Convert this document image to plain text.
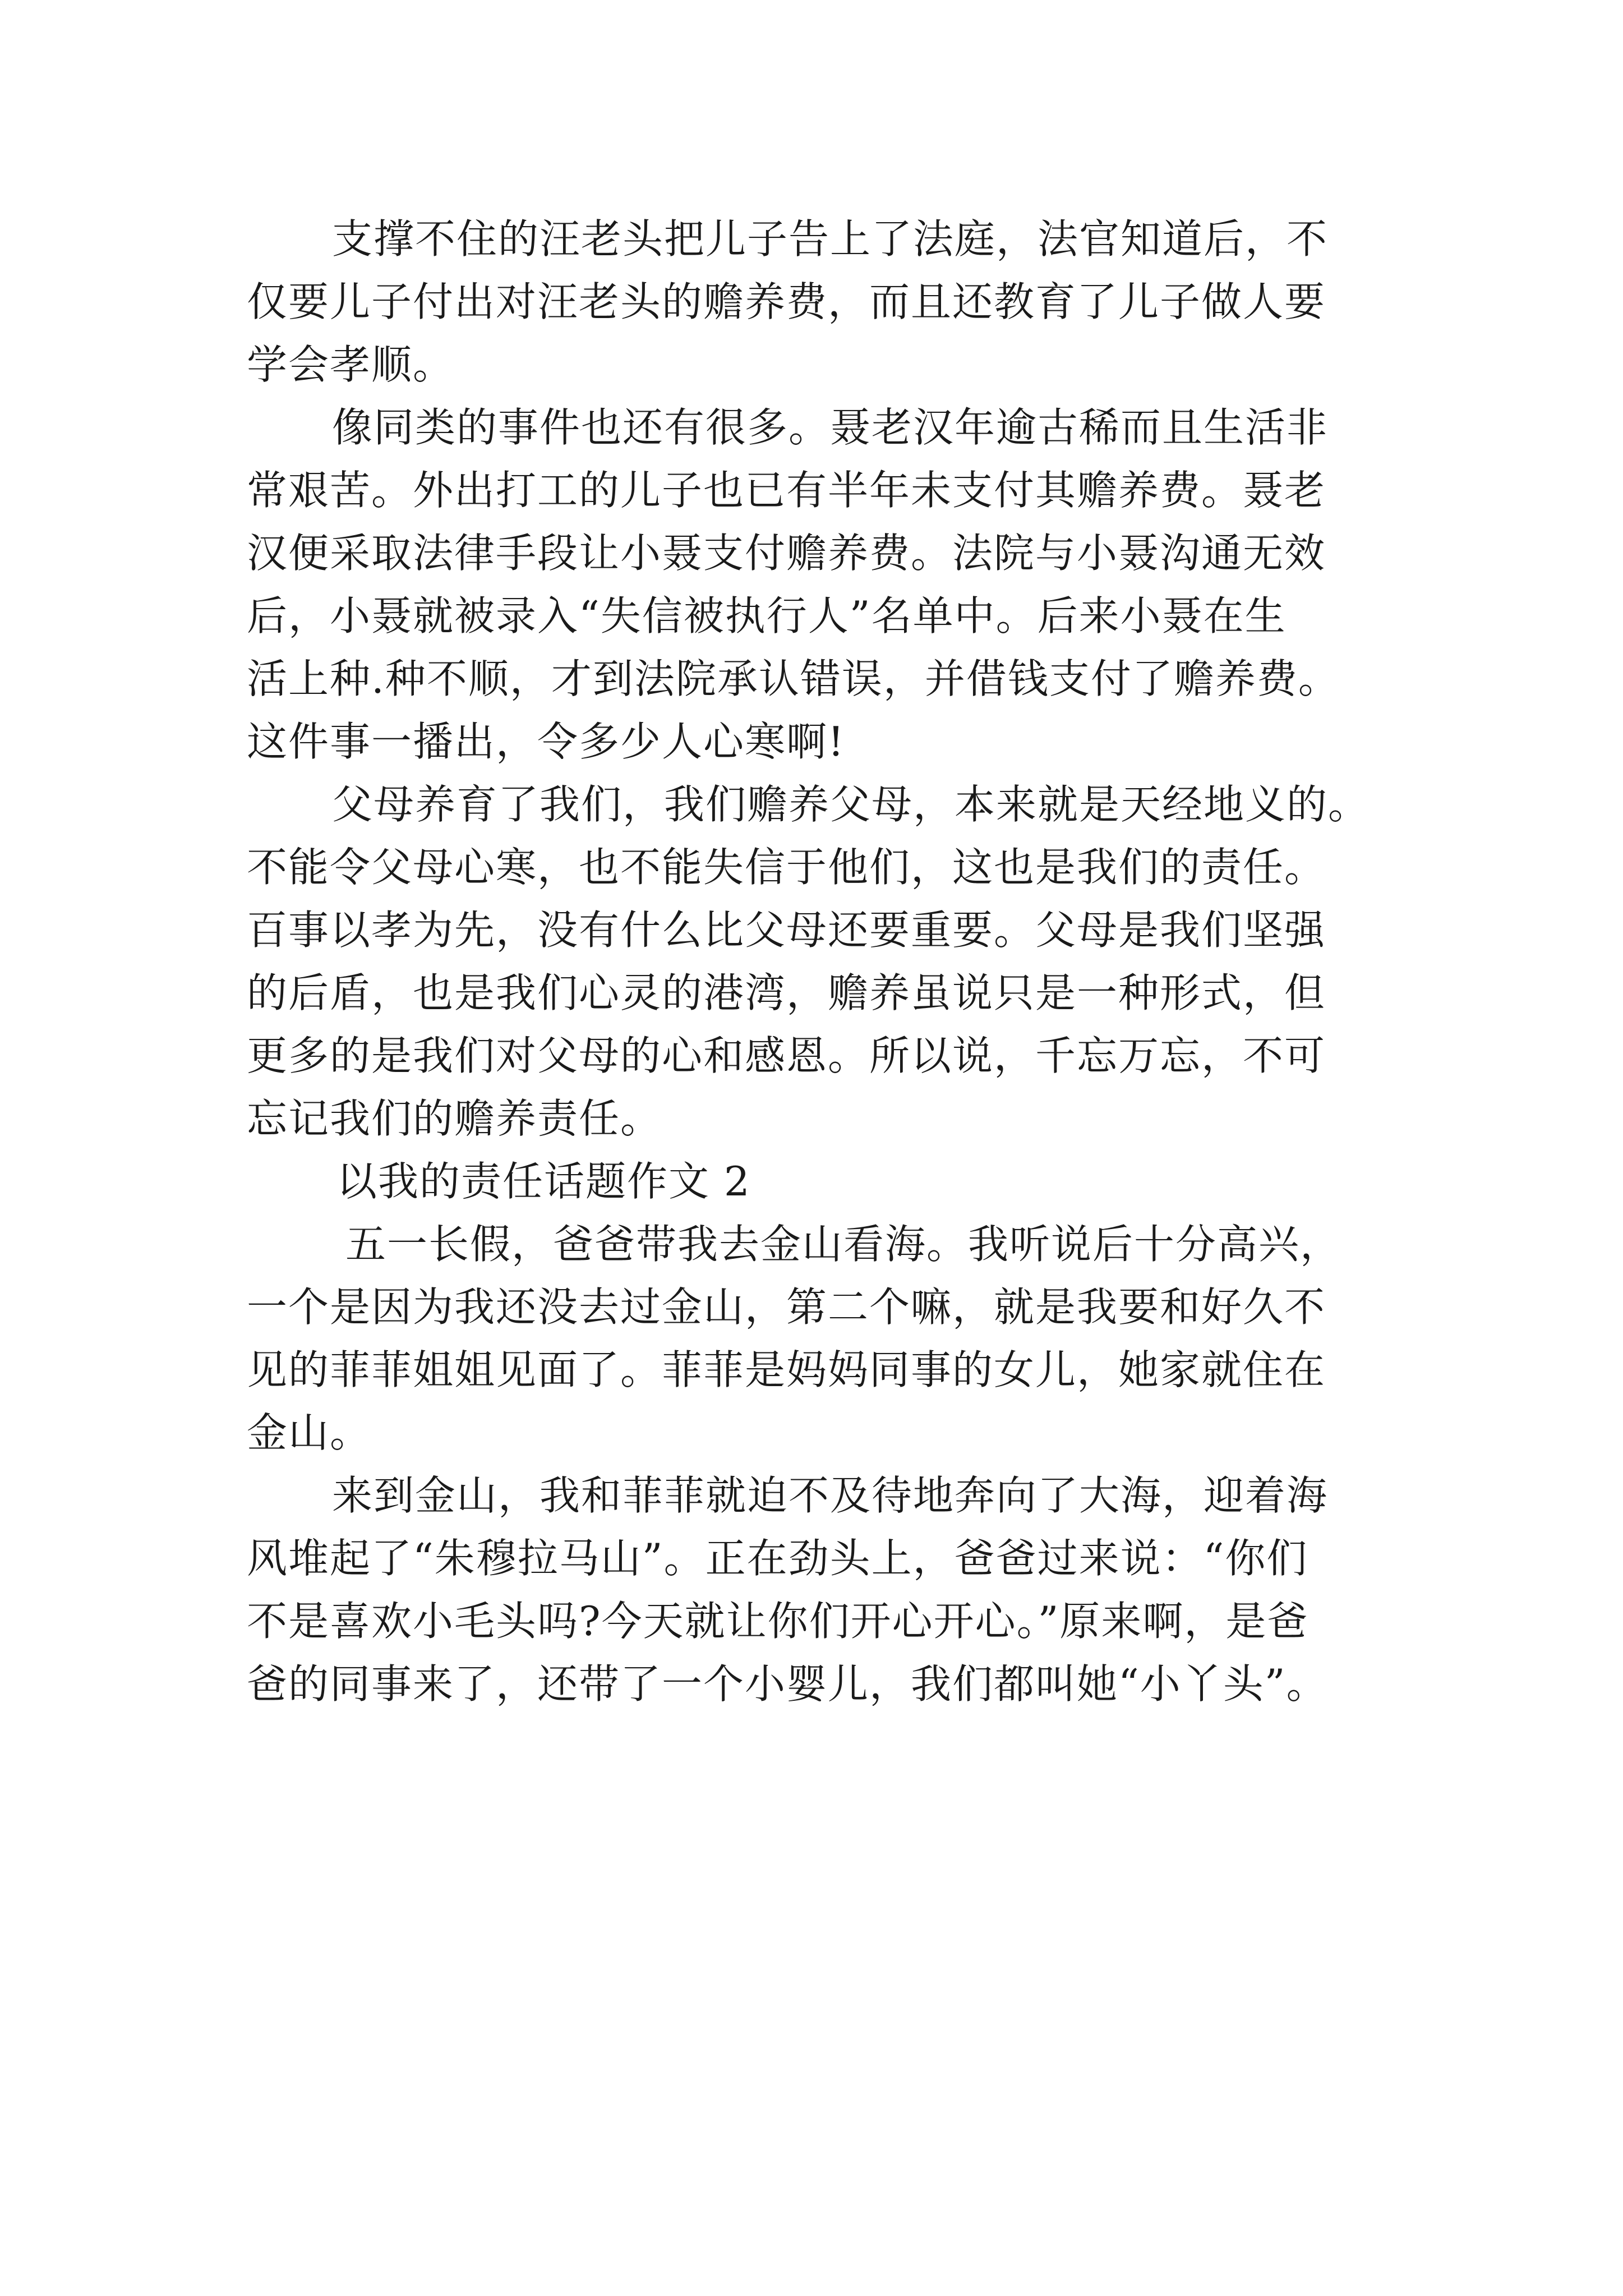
支撑不住的汪老头把儿子告上了法庭，法官知道后，不
仅要儿子付出对汪老头的赡养费，而且还教育了儿子做人要
学会孝顺。
像同类的事件也还有很多。聂老汉年逾古稀而且生活非
常艰苦。外出打工的儿子也已有半年未支付其赡养费。聂老
汉便采取法律手段让小聂支付赡养费。法院与小聂沟通无效
后，小聂就被录入“失信被执行人”名单中。后来小聂在生
活上种.种不顺，才到法院承认错误，并借钱支付了赡养费。
这件事一播出，令多少人心寒啊!
父母养育了我们，我们赡养父母，本来就是天经地义的。
不能令父母心寒，也不能失信于他们，这也是我们的责任。
百事以孝为先，没有什么比父母还要重要。父母是我们坚强
的后盾，也是我们心灵的港湾，赡养虽说只是一种形式，但
更多的是我们对父母的心和感恩。所以说，千忘万忘，不可
忘记我们的赡养责任。
以我的责任话题作文 2
五一长假，爸爸带我去金山看海。我听说后十分高兴，
一个是因为我还没去过金山，第二个嘛，就是我要和好久不
见的菲菲姐姐见面了。菲菲是妈妈同事的女儿，她家就住在
金山。
来到金山，我和菲菲就迫不及待地奔向了大海，迎着海
风堆起了“朱穆拉马山”。正在劲头上，爸爸过来说：“你们
不是喜欢小毛头吗?今天就让你们开心开心。”原来啊，是爸
爸的同事来了，还带了一个小婴儿，我们都叫她“小丫头”。
